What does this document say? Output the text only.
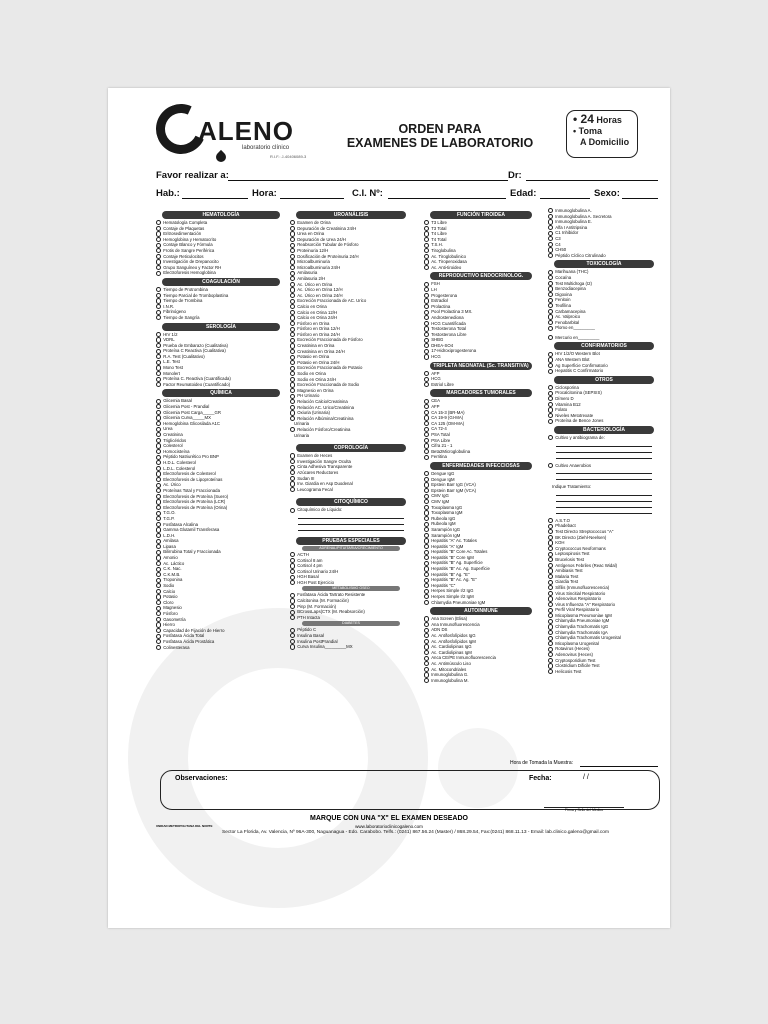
ALENO
laboratorio clínico
R.I.F.: J-40406089-3
ORDEN PARA
EXAMENES DE LABORATORIO
• 24 Horas
• Toma
A Domicilio
Favor realizar a:	Dr:
Hab.:	Hora:	C.I. Nº:	Edad:	Sexo:
HEMATOLOGÍA
Hematología Completa
Contaje de Plaquetas
Eritrosedimentación
Hemoglobina y Hematocrito
Contaje Blanco y Fórmula
Frotis de Sangre Periférica
Contaje Reticulocitos
Investigación de Drepanocito
Grupo Sanguíneo y Factor RH
Electroforesis Hemoglobina
COAGULACIÓN
Tiempo de Protrombina
Tiempo Parcial de Tromboplastina
Tiempo de Trombina
I.N.R.
Fibrinógeno
Tiempo de Sangría
SEROLOGÍA
HIV 1/2
VDRL
Prueba de Embarazo (Cualitativa)
Proteína C Reactiva (Cualitativa)
R.A. Test (Cualitativo)
L.E. Test
Mono Test
Monolert
Proteína C. Reactiva (Cuantificada)
Factor Reumatoideo (Cuantificado)
QUÍMICA
Glicemia Basal
Glicemia Post - Prandial
Glicemia Post Carga_____GR
Glicemia Curva_____MX
Hemoglobina Glicosilada A1C
Urea
Creatinina
Triglicéridos
Colesterol
Homocisteína
Péptido Natriurético Pro BNP
H.D.L. Colesterol
L.D.L. Colesterol
Electroforesis de Colesterol
Electroforesis de Lipoproteínas
Ac. Úrico
Proteínas Total y Fraccionada
Electroforesis de Proteína (Suero)
Electroforesis de Proteína (LCR)
Electroforesis de Proteína (Orina)
T.G.O.
T.G.P.
Fosfatasa Alcalina
Gamma Glutamil Transferasa
L.D.H.
Amilasa
Lipasa
Bilirrubina Total y Fraccionada
Amonio
Ac. Láctico
C.K. Nac.
C.K.M.B.
Troponina
Sodio
Calcio
Potasio
Cloro
Magnesio
Fósforo
Gasometría
Hierro
Capacidad de Fijación de Hierro
Fosfatasa Ácida Total
Fosfatasa Ácida Prostática
Colinesterasa
UROANÁLISIS
Examen de Orina
Depuración de Creatinina 24/H
Urea en Orina
Depuración de Urea 24/H
Reabsorción Tubular de Fósforo
Proteinuria 12/H
Dosificación de Proteinuria 24/H
Microalbuminuria
Microalbuminuria 24/H
Amilasuria
Amilasuria 2/H
Ac. Úrico en Orina
Ac. Úrico en Orina 12/H
Ac. Úrico en Orina 24/H
Excreción Fraccionada de AC. Urico
Calcio en Orina
Calcio en Orina 12/H
Calcio en Orina 24/H
Fósforo en Orina
Fósforo en Orina 12/H
Fósforo en Orina 24/H
Excreción Fraccionada de Fósforo
Creatinina en Orina
Creatinina en Orina 24/H
Potasio en Orina
Potasio en Orina 24/H
Excreción Fraccionada de Potasio
Sodio en Orina
Sodio en Orina 24/H
Excreción Fraccionada de Sodio
Magnesio en Orina
PH Urinario
Relación Calcio/Creatinina
Relación AC. Urico/Creatinina
Oxiuria (Urinaria)
Relación Albúmina/Creatinina
Urinaria
Relación Fósforo/Creatinina
Urinaria
COPROLOGÍA
Examen de Heces
Investigación Sangre Oculta
Cinta Adhesiva Transparente
Azúcares Reductores
Sudan III
Inv. Giardia en Asp Duodenal
Leucograma Fecal
CITOQUÍMICO
Citoquímico de Líquido:
PRUEBAS ESPECIALES
ADRENAL/PITUITARIA/CRECIMIENTO
ACTH
Cortisol 8 am
Cortisol 4 pm
Cortisol Urinario 24/H
HGH Basal
HGH Post Ejercicio
METABOLISMO ÓSEO
Fosfatasa Ácida Tartrato Resistente
Calcitonina (M. Formación)
Pinp (M. Formación)
BCrossLaps(CTX (M. Reabsorción)
PTH Intacta
DIABETES
Péptido C
Insulina Basal
Insulina PostPrandial
Curva Insulina_________MX
FUNCIÓN TIROIDEA
T3 Libre
T3 Total
T4 Libre
T4 Total
T.S.H.
Tiroglobulina
Ac. Tiroglobulinico
Ac. Tiroperoxidasa
Ac. Anti-tiroideo
REPRODUCTIVO ENDOCRINOLOG.
FSH
LH
Progesterona
Estradiol
Prolactina
Pool Prolactina 3 MX.
Androstenediona
HCG Cuantificada
Testosterona Total
Testosterona Libre
SHBG
DHEA-SO4
17-Hidroxiprogesterona
HCG
TRIPLETA NEONATAL (Sc. TRANSITIVA)
AFP
HCG
Estriol Libre
MARCADORES TUMORALES
CEA
AFP
CA 15-3 (BR-MA)
CA 19-9 (GI-MA)
CA 125 (OM-MA)
CA 72-4
PSA Total
PSA Libre
Cifra 21 - 1
Beta2Microglobulina
Ferritina
ENFERMEDADES INFECCIOSAS
Dengue IgG
Dengue IgM
Epstein Barr IgG (VCA)
Epstein Barr IgM (VCA)
CMV IgG
CMV IgM
Toxoplasma IgG
Toxoplasma IgM
Rubeola IgG
Rubeola IgM
Sarampión IgG
Sarampión IgM
Hepatitis "A" Ac. Totales
Hepatitis "A" IgM
Hepatitis "B" Core Ac. Totales
Hepatitis "B" Core IgM
Hepatitis "B" Ag. Superficie
Hepatitis "B" Ac. Ag. Superficie
Hepatitis "B" Ag. "E"
Hepatitis "B" Ac. Ag. "E"
Hepatitis "C"
Herpes Simple I/2 IgG
Herpes Simple I/2 IgM
Chlamydia Pneumoniae IgM
AUTOINMUNE
Ana Screen (Elisa)
Ana Inmunofluorescencia
ADN DS
Ac. Antifosfolípidos IgG
Ac. Antifosfolípidos IgM
Ac. Cardiolipinas IgG
Ac. Cardiolipinas IgM
Anca CE/PE Inmunofluorescencia
Ac. Antimúsculo Liso
Ac. Mitocondriales
Inmunoglobulina G.
Inmunoglobulina M.
Inmunoglobulina A.
Inmunoglobulina A. Secretora
Inmunoglobulina E.
Alfa I Antitripsina
C1 Inhibidor
C3
C4
CH50
Péptido Cíclico Citrulinado
TOXICOLOGÍA
Marihuana (THC)
Cocaína
Test Multidroga (I2)
Benzodiacepina
Digoxina
Fenitoin
Teofilina
Carbamacepina
Ac. Valproico
Fenobarbital
Plomo en_________
Mercurio en_________
CONFIRMATORIOS
HIV 1/2/O Western Blot
ANA Western Blot
Ag Superficie Confirmatorio
Hepatitis C Confirmatorio
OTROS
Ciclosporina
Procalcitonina (SEPSIS)
Dímero D
Vitamina B12
Folato
Niveles Metotrexate
Proteína de Bence Jones
BACTERIOLOGÍA
Cultivo y antibiograma de:
Cultivo Anaerobios
Indique Tratamiento:
A.S.T.O
Phadebact
Test Directo Streptococcus "A"
BK Directo (Ziehl-Neelsen)
KOH
Cryptococcus Neoformans
Leptospirosis Test
Brucelosis Test
Antígenos Febriles (Reac Widal)
Amibiasis Test
Malaria Test
Giardia Test
Sífilis (Inmunofluorescencia)
Virus Sincitial Respiratorio
Adenovirus Respiratorio
Virus Influenza "A" Respiratorio
Perfil Viral Respiratorio
Micoplasma Pneumoniae IgM
Chlamydia Pneumoniae IgM
Chlamydia Trachomatis IgG
Chlamydia Trachomatis IgA
Chlamydia Trachomatis Urogenital
Micoplasma Urogenital
Rotavirus (Heces)
Adenovirus (Heces)
Cryptosporidium Test
Clostridium Dificile Test
Helicosis Test
Hora de Tomada la Muestra:
Observaciones:	Fecha:	/ /
Firma y Sello del Médico
MARQUE CON UNA "X" EL EXAMEN DESEADO
www.laboratorioclinicogaleno.com
UNIDAD METROPOLITANA DEL NORTE
Sector La Florida, Av. Valencia, Nº 96A-300, Naguanagua - Edo. Carabobo. Telfs.: (0241) 867.56.24 (Master) / 868.29.54, Fax:(0241) 868.11.13 - Email: lab.clinico.galeno@gmail.com
